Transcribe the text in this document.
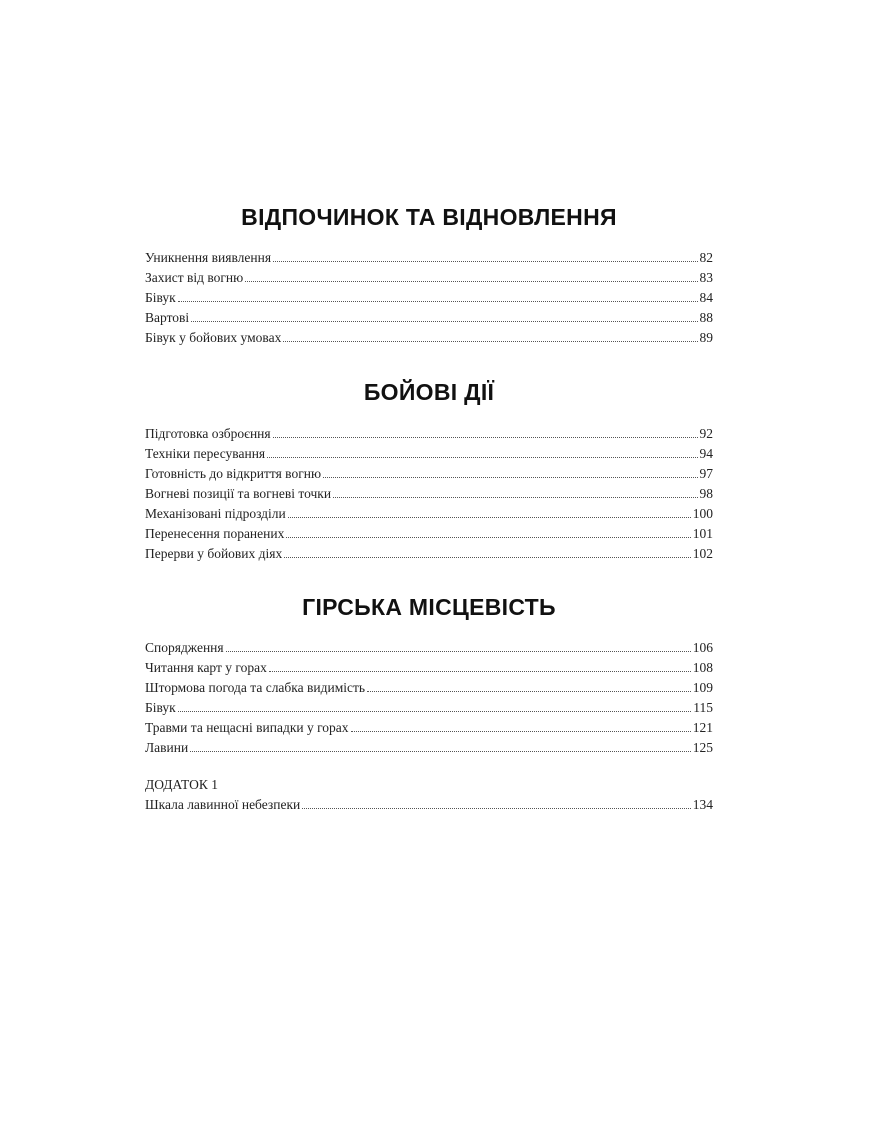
ВІДПОЧИНОК ТА ВІДНОВЛЕННЯ
Уникнення виявлення	82
Захист від вогню	83
Бівук	84
Вартові	88
Бівук у бойових умовах	89
БОЙОВІ ДІЇ
Підготовка озброєння	92
Техніки пересування	94
Готовність до відкриття вогню	97
Вогневі позиції та вогневі точки	98
Механізовані підрозділи	100
Перенесення поранених	101
Перерви у бойових діях	102
ГІРСЬКА МІСЦЕВІСТЬ
Спорядження	106
Читання карт у горах	108
Штормова погода та слабка видимість	109
Бівук	115
Травми та нещасні випадки у горах	121
Лавини	125

ДОДАТОК 1

Шкала лавинної небезпеки	134
